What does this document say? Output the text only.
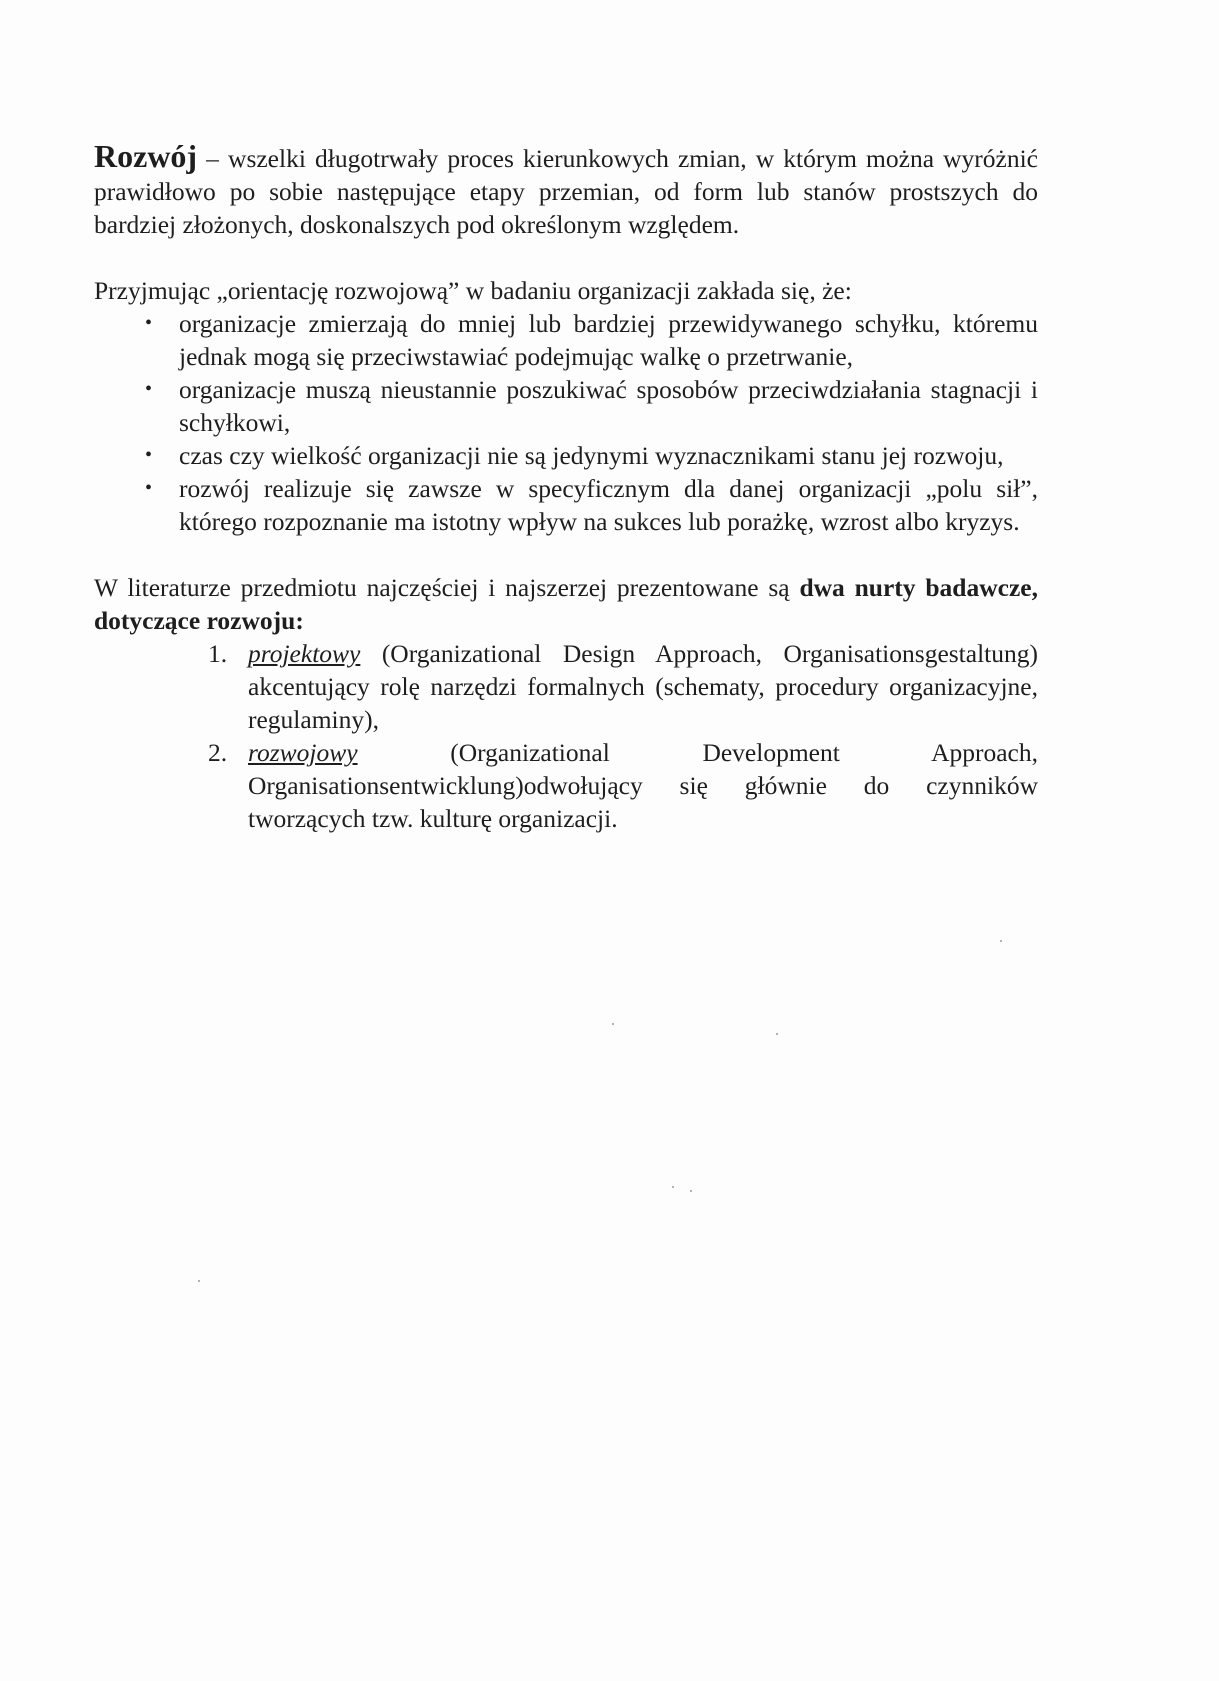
Rozwój – wszelki długotrwały proces kierunkowych zmian, w którym można wyróżnić prawidłowo po sobie następujące etapy przemian, od form lub stanów prostszych do bardziej złożonych, doskonalszych pod określonym względem.

Przyjmując „orientację rozwojową” w badaniu organizacji zakłada się, że:

• organizacje zmierzają do mniej lub bardziej przewidywanego schyłku, któremu jednak mogą się przeciwstawiać podejmując walkę o przetrwanie,
• organizacje muszą nieustannie poszukiwać sposobów przeciwdziałania stagnacji i schyłkowi,
• czas czy wielkość organizacji nie są jedynymi wyznacznikami stanu jej rozwoju,
• rozwój realizuje się zawsze w specyficznym dla danej organizacji „polu sił”, którego rozpoznanie ma istotny wpływ na sukces lub porażkę, wzrost albo kryzys.

W literaturze przedmiotu najczęściej i najszerzej prezentowane są dwa nurty badawcze, dotyczące rozwoju:

1. projektowy (Organizational Design Approach, Organisationsgestaltung) akcentujący rolę narzędzi formalnych (schematy, procedury organizacyjne, regulaminy),
2. rozwojowy (Organizational Development Approach, Organisationsentwicklung)odwołujący się głównie do czynników tworzących tzw. kulturę organizacji.
